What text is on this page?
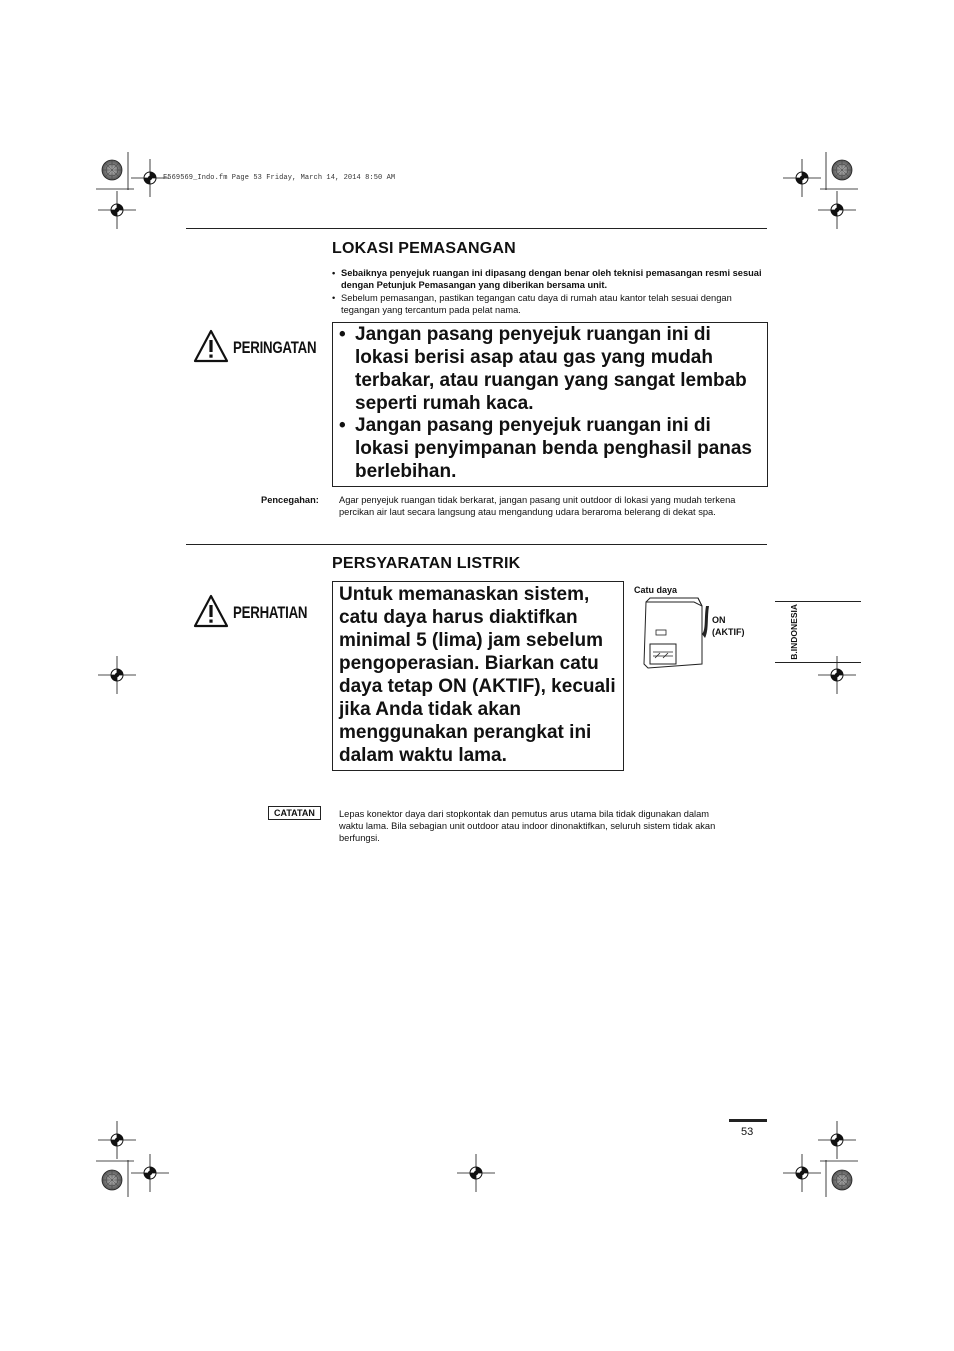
F569569_Indo.fm Page 53 Friday, March 14, 2014 8:50 AM
LOKASI PEMASANGAN
• Sebaiknya penyejuk ruangan ini dipasang dengan benar oleh teknisi pemasangan resmi sesuai dengan Petunjuk Pemasangan yang diberikan bersama unit.
• Sebelum pemasangan, pastikan tegangan catu daya di rumah atau kantor telah sesuai dengan tegangan yang tercantum pada pelat nama.
PERINGATAN
• Jangan pasang penyejuk ruangan ini di lokasi berisi asap atau gas yang mudah terbakar, atau ruangan yang sangat lembab seperti rumah kaca.
• Jangan pasang penyejuk ruangan ini di lokasi penyimpanan benda penghasil panas berlebihan.
Pencegahan: Agar penyejuk ruangan tidak berkarat, jangan pasang unit outdoor di lokasi yang mudah terkena percikan air laut secara langsung atau mengandung udara beraroma belerang di dekat spa.
PERSYARATAN LISTRIK
PERHATIAN
Untuk memanaskan sistem, catu daya harus diaktifkan minimal 5 (lima) jam sebelum pengoperasian. Biarkan catu daya tetap ON (AKTIF), kecuali jika Anda tidak akan menggunakan perangkat ini dalam waktu lama.
Catu daya
ON
(AKTIF)	B.INDONESIA
CATATAN	Lepas konektor daya dari stopkontak dan pemutus arus utama bila tidak digunakan dalam waktu lama. Bila sebagian unit outdoor atau indoor dinonaktifkan, seluruh sistem tidak akan berfungsi.
53
